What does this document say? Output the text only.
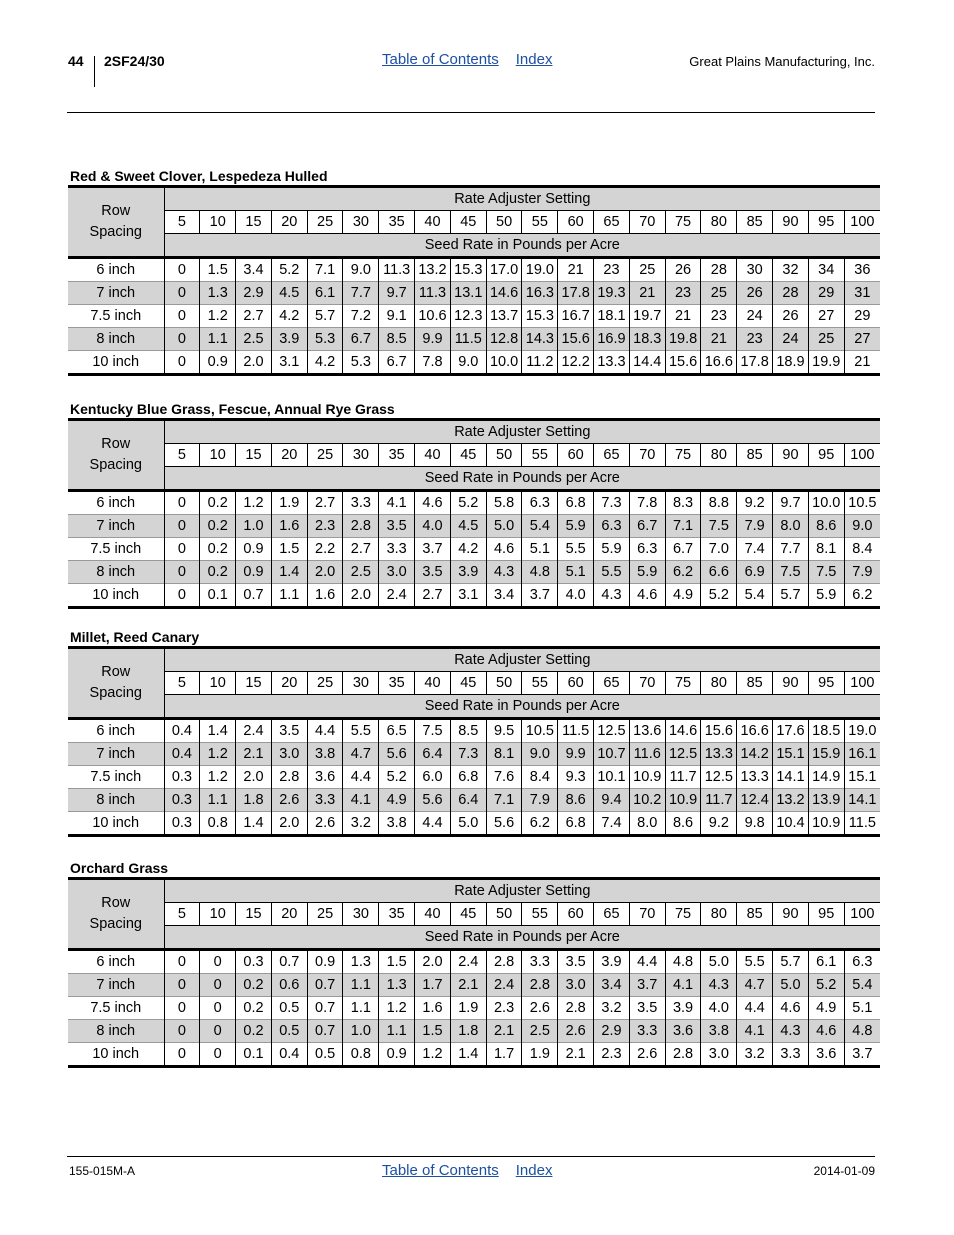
44 2SF24/30	Table of Contents Index	Great Plains Manufacturing, Inc.
Red & Sweet Clover, Lespedeza Hulled
Row
Spacing	Rate Adjuster Setting																			
	5	10	15	20	25	30	35	40	45	50	55	60	65	70	75	80	85	90	95	100
	Seed Rate in Pounds per Acre																			
6 inch	0	1.5	3.4	5.2	7.1	9.0	11.3	13.2	15.3	17.0	19.0	21	23	25	26	28	30	32	34	36
7 inch	0	1.3	2.9	4.5	6.1	7.7	9.7	11.3	13.1	14.6	16.3	17.8	19.3	21	23	25	26	28	29	31
7.5 inch	0	1.2	2.7	4.2	5.7	7.2	9.1	10.6	12.3	13.7	15.3	16.7	18.1	19.7	21	23	24	26	27	29
8 inch	0	1.1	2.5	3.9	5.3	6.7	8.5	9.9	11.5	12.8	14.3	15.6	16.9	18.3	19.8	21	23	24	25	27
10 inch	0	0.9	2.0	3.1	4.2	5.3	6.7	7.8	9.0	10.0	11.2	12.2	13.3	14.4	15.6	16.6	17.8	18.9	19.9	21
Kentucky Blue Grass, Fescue, Annual Rye Grass
Row
Spacing	Rate Adjuster Setting																			
	5	10	15	20	25	30	35	40	45	50	55	60	65	70	75	80	85	90	95	100
	Seed Rate in Pounds per Acre																			
6 inch	0	0.2	1.2	1.9	2.7	3.3	4.1	4.6	5.2	5.8	6.3	6.8	7.3	7.8	8.3	8.8	9.2	9.7	10.0	10.5
7 inch	0	0.2	1.0	1.6	2.3	2.8	3.5	4.0	4.5	5.0	5.4	5.9	6.3	6.7	7.1	7.5	7.9	8.0	8.6	9.0
7.5 inch	0	0.2	0.9	1.5	2.2	2.7	3.3	3.7	4.2	4.6	5.1	5.5	5.9	6.3	6.7	7.0	7.4	7.7	8.1	8.4
8 inch	0	0.2	0.9	1.4	2.0	2.5	3.0	3.5	3.9	4.3	4.8	5.1	5.5	5.9	6.2	6.6	6.9	7.5	7.5	7.9
10 inch	0	0.1	0.7	1.1	1.6	2.0	2.4	2.7	3.1	3.4	3.7	4.0	4.3	4.6	4.9	5.2	5.4	5.7	5.9	6.2
Millet, Reed Canary
Row
Spacing	Rate Adjuster Setting																			
	5	10	15	20	25	30	35	40	45	50	55	60	65	70	75	80	85	90	95	100
	Seed Rate in Pounds per Acre																			
6 inch	0.4	1.4	2.4	3.5	4.4	5.5	6.5	7.5	8.5	9.5	10.5	11.5	12.5	13.6	14.6	15.6	16.6	17.6	18.5	19.0
7 inch	0.4	1.2	2.1	3.0	3.8	4.7	5.6	6.4	7.3	8.1	9.0	9.9	10.7	11.6	12.5	13.3	14.2	15.1	15.9	16.1
7.5 inch	0.3	1.2	2.0	2.8	3.6	4.4	5.2	6.0	6.8	7.6	8.4	9.3	10.1	10.9	11.7	12.5	13.3	14.1	14.9	15.1
8 inch	0.3	1.1	1.8	2.6	3.3	4.1	4.9	5.6	6.4	7.1	7.9	8.6	9.4	10.2	10.9	11.7	12.4	13.2	13.9	14.1
10 inch	0.3	0.8	1.4	2.0	2.6	3.2	3.8	4.4	5.0	5.6	6.2	6.8	7.4	8.0	8.6	9.2	9.8	10.4	10.9	11.5
Orchard Grass
Row
Spacing	Rate Adjuster Setting																			
	5	10	15	20	25	30	35	40	45	50	55	60	65	70	75	80	85	90	95	100
	Seed Rate in Pounds per Acre																			
6 inch	0	0	0.3	0.7	0.9	1.3	1.5	2.0	2.4	2.8	3.3	3.5	3.9	4.4	4.8	5.0	5.5	5.7	6.1	6.3
7 inch	0	0	0.2	0.6	0.7	1.1	1.3	1.7	2.1	2.4	2.8	3.0	3.4	3.7	4.1	4.3	4.7	5.0	5.2	5.4
7.5 inch	0	0	0.2	0.5	0.7	1.1	1.2	1.6	1.9	2.3	2.6	2.8	3.2	3.5	3.9	4.0	4.4	4.6	4.9	5.1
8 inch	0	0	0.2	0.5	0.7	1.0	1.1	1.5	1.8	2.1	2.5	2.6	2.9	3.3	3.6	3.8	4.1	4.3	4.6	4.8
10 inch	0	0	0.1	0.4	0.5	0.8	0.9	1.2	1.4	1.7	1.9	2.1	2.3	2.6	2.8	3.0	3.2	3.3	3.6	3.7
155-015M-A	Table of Contents Index	2014-01-09
